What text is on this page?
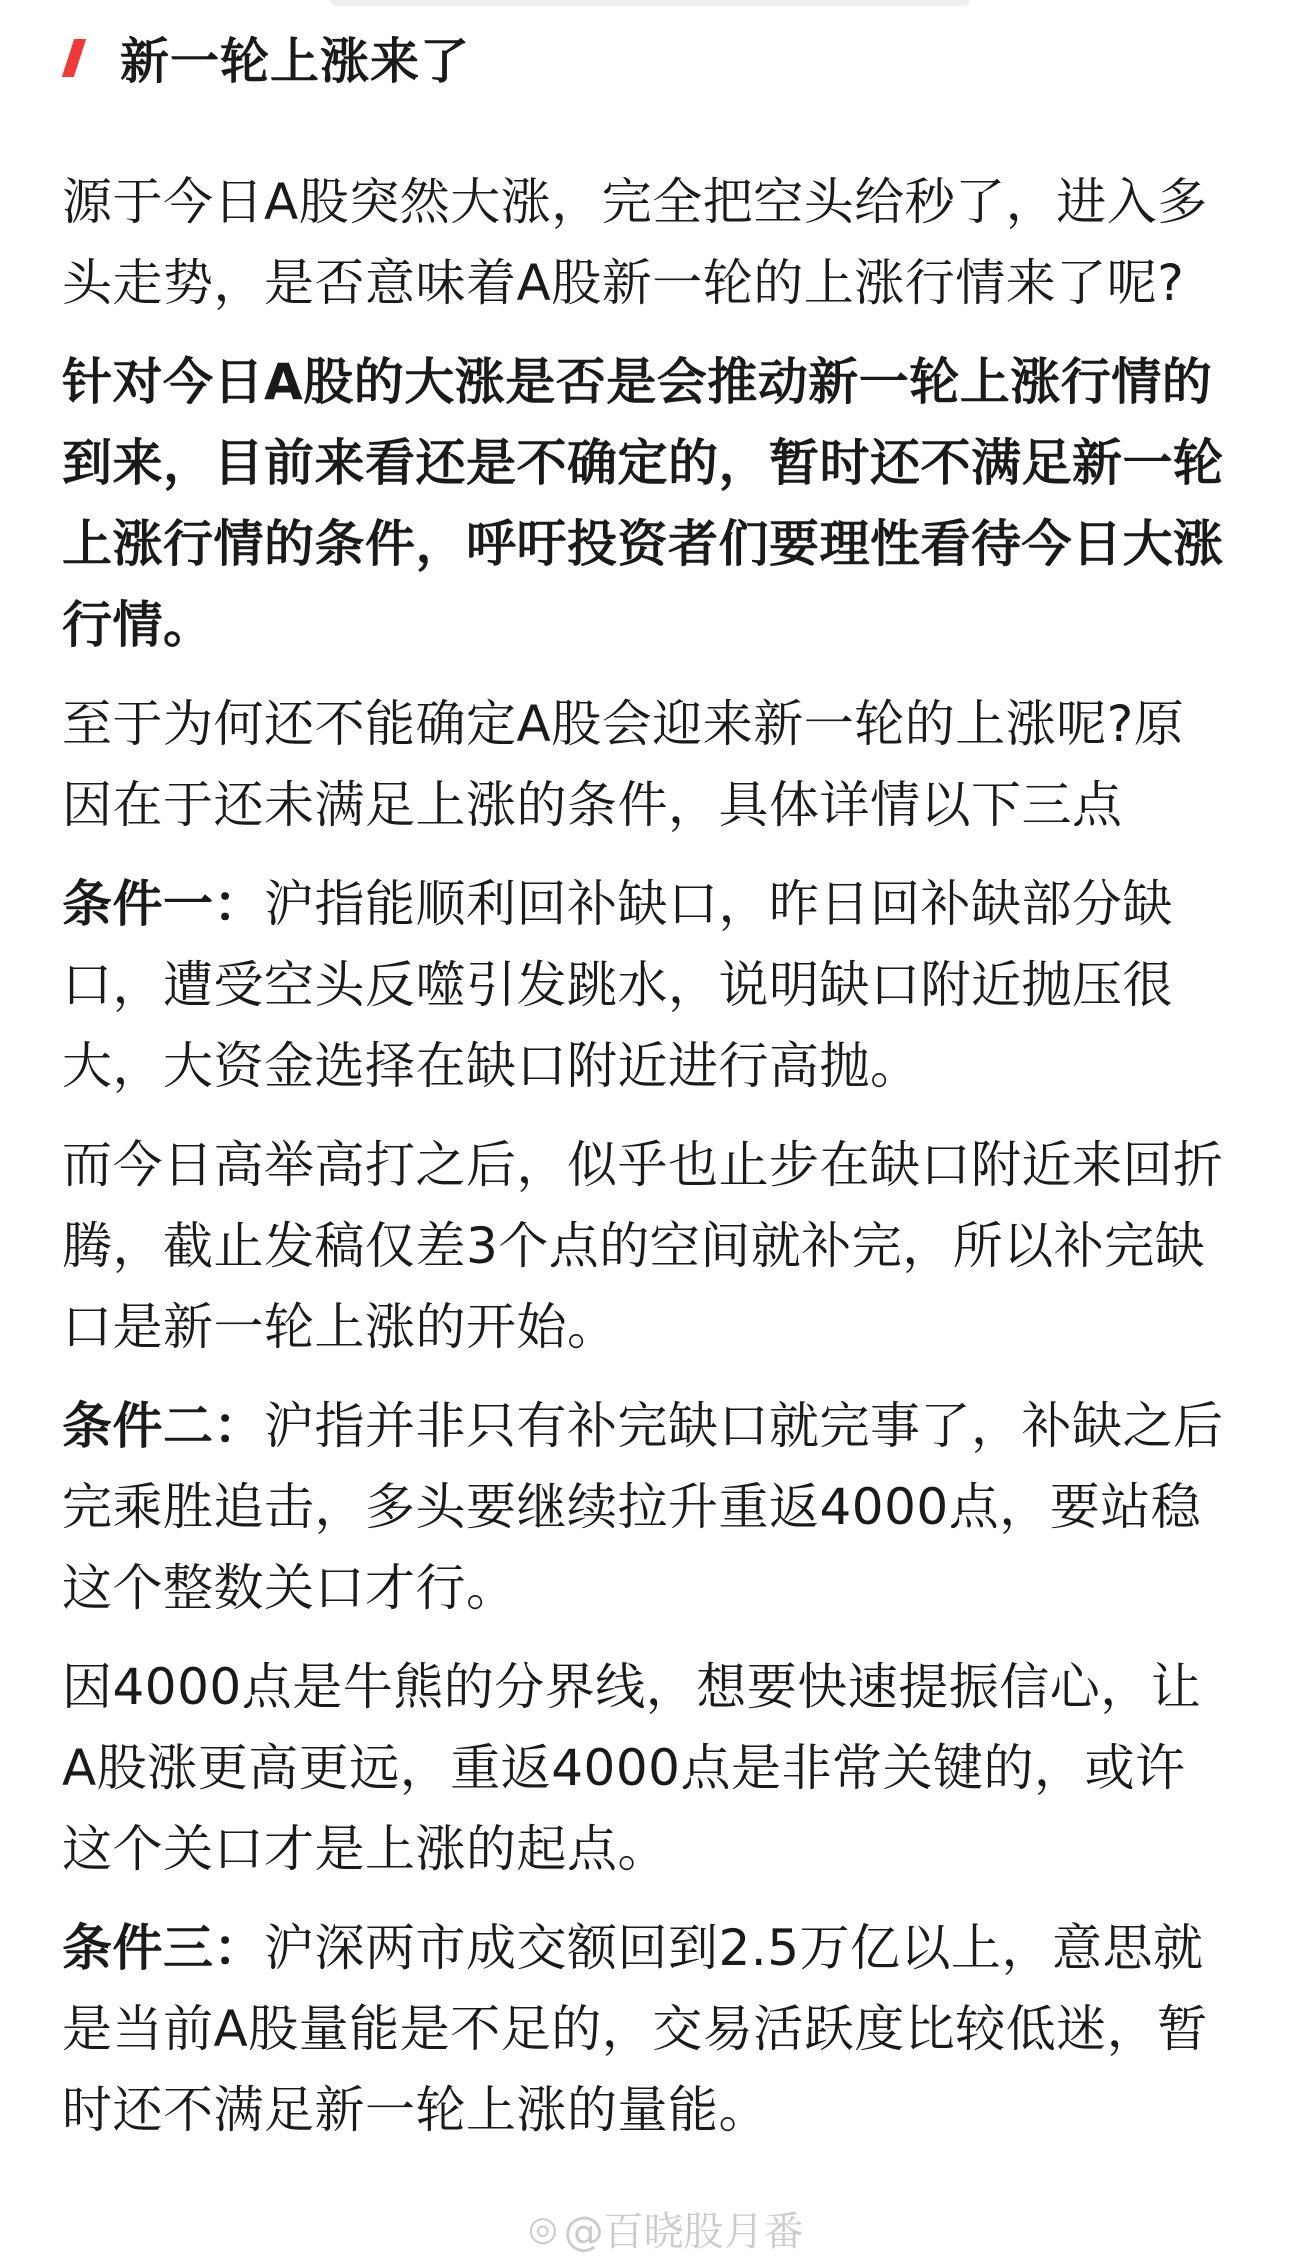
新一轮上涨来了

源于今日A股突然大涨，完全把空头给秒了，进入多头走势，是否意味着A股新一轮的上涨行情来了呢?

针对今日A股的大涨是否是会推动新一轮上涨行情的到来，目前来看还是不确定的，暂时还不满足新一轮上涨行情的条件，呼吁投资者们要理性看待今日大涨行情。

至于为何还不能确定A股会迎来新一轮的上涨呢?原因在于还未满足上涨的条件，具体详情以下三点

条件一：沪指能顺利回补缺口，昨日回补缺部分缺口，遭受空头反噬引发跳水，说明缺口附近抛压很大，大资金选择在缺口附近进行高抛。

而今日高举高打之后，似乎也止步在缺口附近来回折腾，截止发稿仅差3个点的空间就补完，所以补完缺口是新一轮上涨的开始。

条件二：沪指并非只有补完缺口就完事了，补缺之后完乘胜追击，多头要继续拉升重返4000点，要站稳这个整数关口才行。

因4000点是牛熊的分界线，想要快速提振信心，让A股涨更高更远，重返4000点是非常关键的，或许这个关口才是上涨的起点。

条件三：沪深两市成交额回到2.5万亿以上，意思就是当前A股量能是不足的，交易活跃度比较低迷，暂时还不满足新一轮上涨的量能。

◎ @百晓股月番
